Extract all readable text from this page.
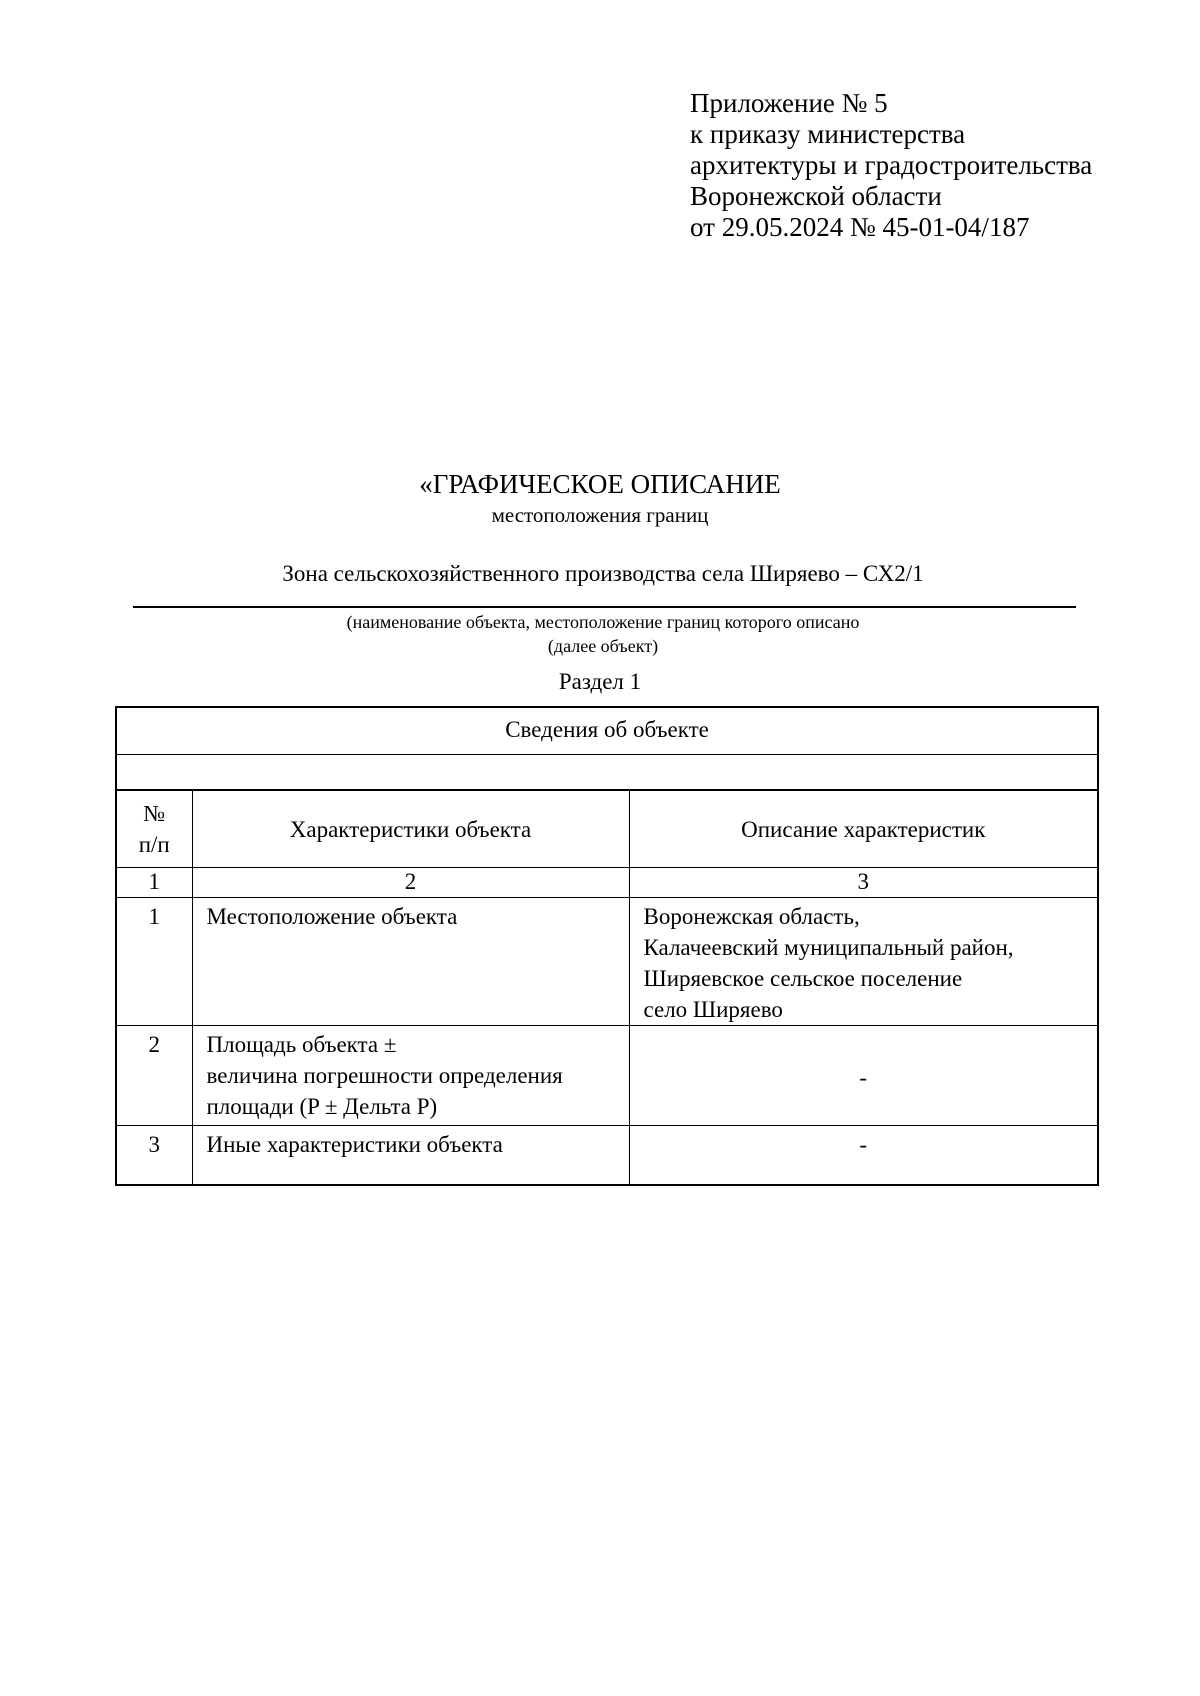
Приложение № 5
к приказу министерства
архитектуры и градостроительства
Воронежской области
от 29.05.2024 № 45-01-04/187
«ГРАФИЧЕСКОЕ ОПИСАНИЕ
местоположения границ
Зона сельскохозяйственного производства села Ширяево – СХ2/1
(наименование объекта, местоположение границ которого описано
(далее объект)
Раздел 1
Сведения об объекте		

№
п/п	Характеристики объекта	Описание характеристик
1	2	3
1	Местоположение объекта	Воронежская область,
Калачеевский муниципальный район,
Ширяевское сельское поселение
село Ширяево

2	Площадь объекта ±
величина погрешности определения
площади (P ± Дельта P)	-
3	Иные характеристики объекта	-
